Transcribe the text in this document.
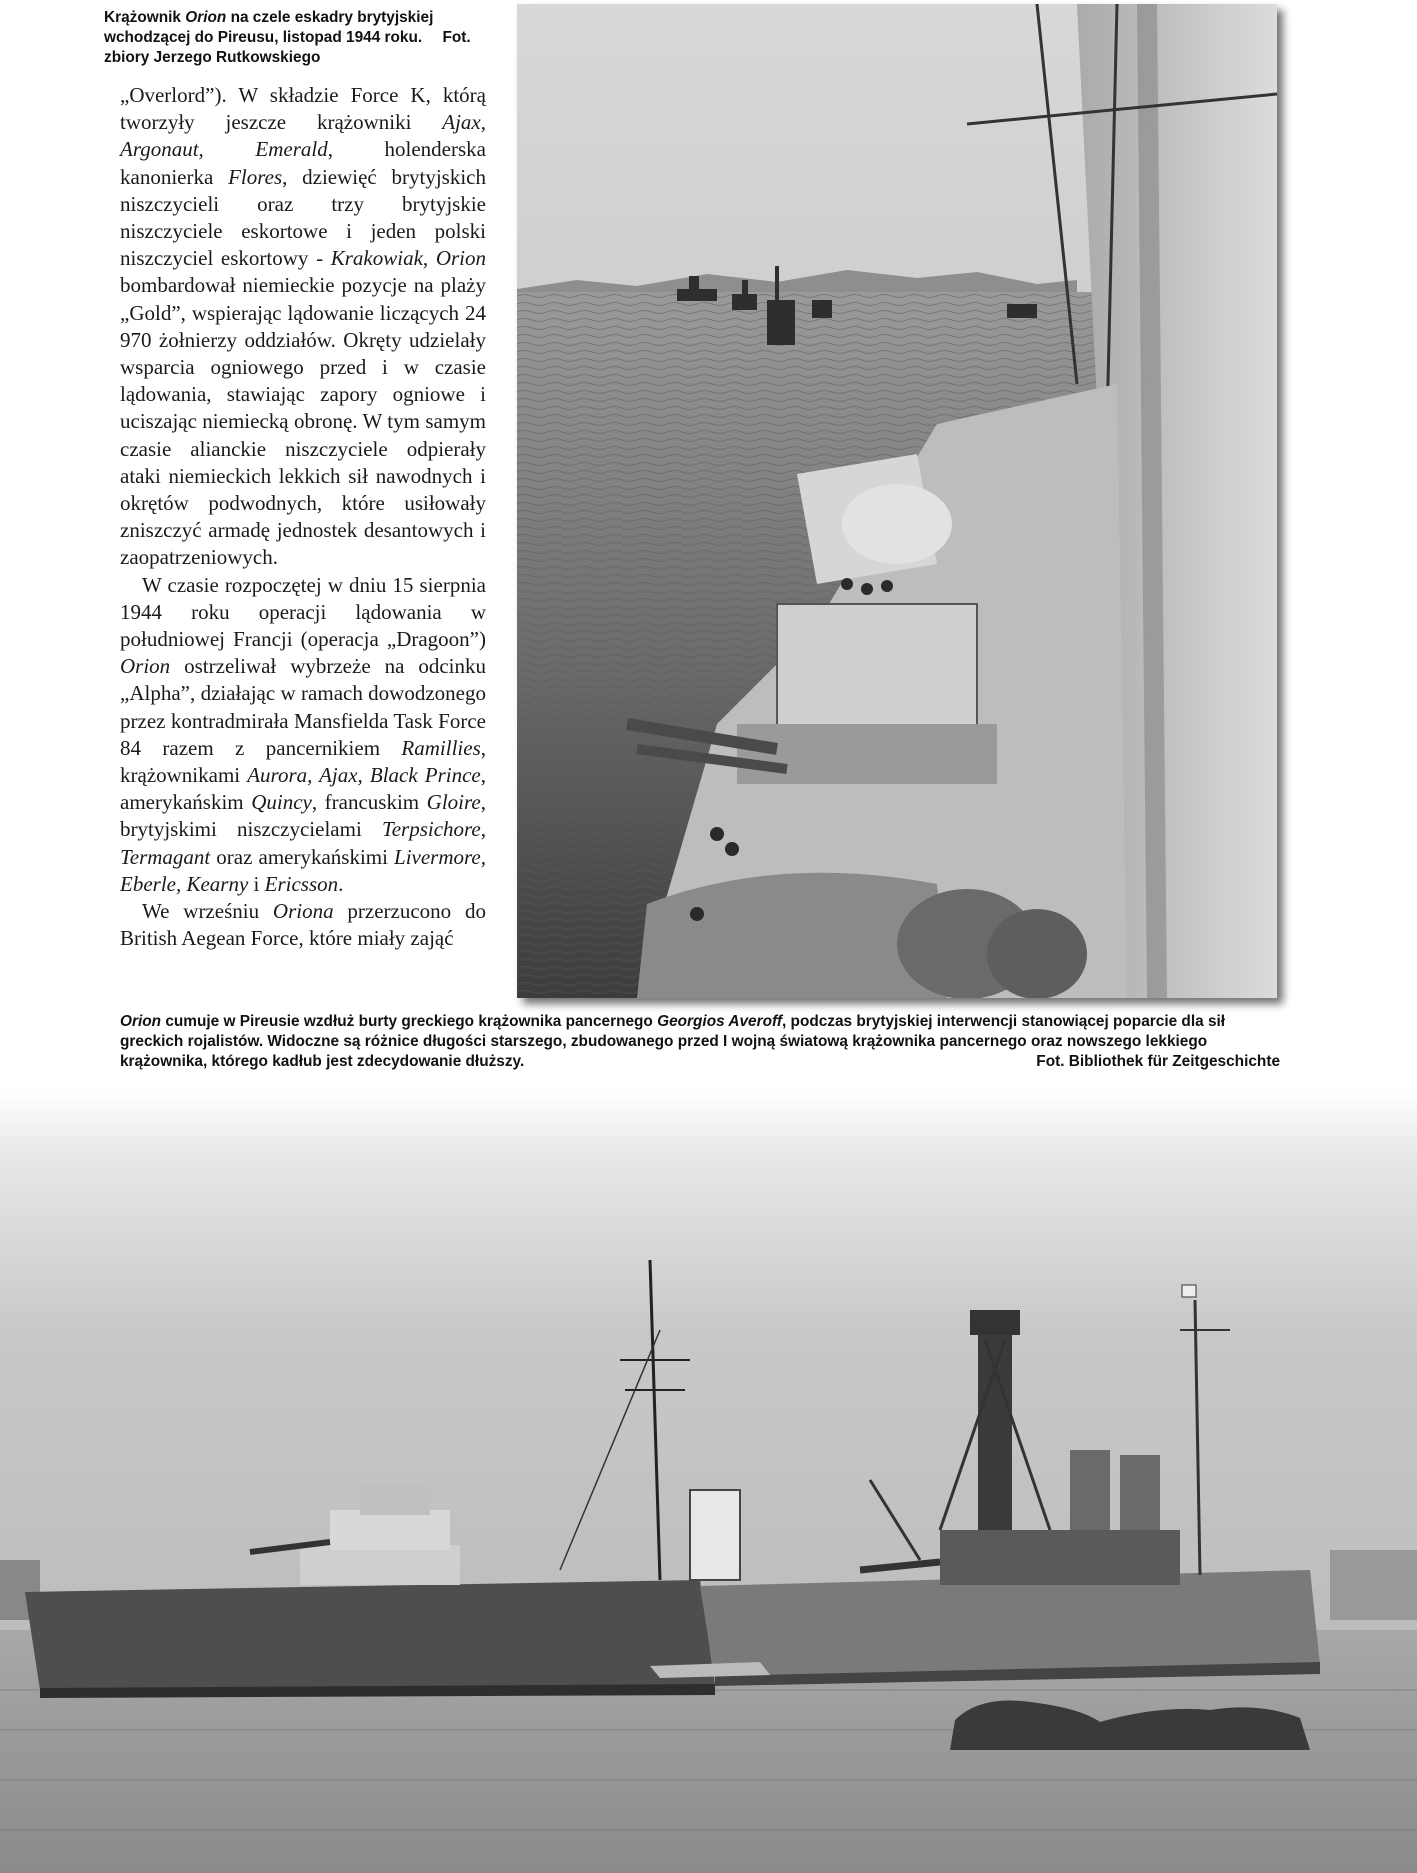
Krążownik Orion na czele eskadry brytyjskiej wchodzącej do Pireusu, listopad 1944 roku. Fot. zbiory Jerzego Rutkowskiego

„Overlord”). W składzie Force K, którą tworzyły jeszcze krążowniki Ajax, Argonaut, Emerald, holenderska kanonierka Flores, dziewięć brytyjskich niszczycieli oraz trzy brytyjskie niszczyciele eskortowe i jeden polski niszczyciel eskortowy - Krakowiak, Orion bombardował niemieckie pozycje na plaży „Gold”, wspierając lądowanie liczących 24 970 żołnierzy oddziałów. Okręty udzielały wsparcia ogniowego przed i w czasie lądowania, stawiając zapory ogniowe i uciszając niemiecką obronę. W tym samym czasie alianckie niszczyciele odpierały ataki niemieckich lekkich sił nawodnych i okrętów podwodnych, które usiłowały zniszczyć armadę jednostek desantowych i zaopatrzeniowych.

W czasie rozpoczętej w dniu 15 sierpnia 1944 roku operacji lądowania w południowej Francji (operacja „Dragoon”) Orion ostrzeliwał wybrzeże na odcinku „Alpha”, działając w ramach dowodzonego przez kontradmirała Mansfielda Task Force 84 razem z pancernikiem Ramillies, krążownikami Aurora, Ajax, Black Prince, amerykańskim Quincy, francuskim Gloire, brytyjskimi niszczycielami Terpsichore, Termagant oraz amerykańskimi Livermore, Eberle, Kearny i Ericsson.

We wrześniu Oriona przerzucono do British Aegean Force, które miały zająć

Orion cumuje w Pireusie wzdłuż burty greckiego krążownika pancernego Georgios Averoff, podczas brytyjskiej interwencji stanowiącej poparcie dla sił greckich rojalistów. Widoczne są różnice długości starszego, zbudowanego przed I wojną światową krążownika pancernego oraz nowszego lekkiego krążownika, którego kadłub jest zdecydowanie dłuższy.	Fot. Bibliothek für Zeitgeschichte
